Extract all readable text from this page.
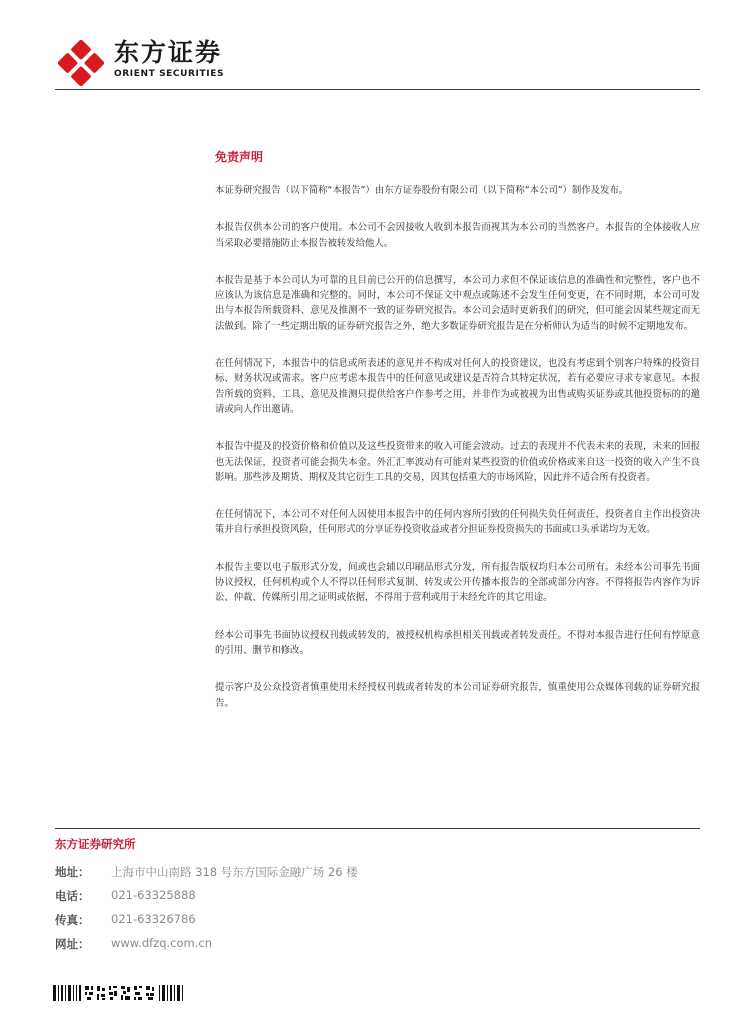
东方证券
ORIENT SECURITIES
免责声明

本证券研究报告（以下简称“本报告”）由东方证券股份有限公司（以下简称“本公司”）制作及发布。

本报告仅供本公司的客户使用。本公司不会因接收人收到本报告而视其为本公司的当然客户。本报告的全体接收人应当采取必要措施防止本报告被转发给他人。

本报告是基于本公司认为可靠的且目前已公开的信息撰写，本公司力求但不保证该信息的准确性和完整性，客户也不应该认为该信息是准确和完整的。同时，本公司不保证文中观点或陈述不会发生任何变更，在不同时期，本公司可发出与本报告所载资料、意见及推测不一致的证券研究报告。本公司会适时更新我们的研究，但可能会因某些规定而无法做到。除了一些定期出版的证券研究报告之外，绝大多数证券研究报告是在分析师认为适当的时候不定期地发布。

在任何情况下，本报告中的信息或所表述的意见并不构成对任何人的投资建议，也没有考虑到个别客户特殊的投资目标、财务状况或需求。客户应考虑本报告中的任何意见或建议是否符合其特定状况，若有必要应寻求专家意见。本报告所载的资料、工具、意见及推测只提供给客户作参考之用，并非作为或被视为出售或购买证券或其他投资标的的邀请或向人作出邀请。

本报告中提及的投资价格和价值以及这些投资带来的收入可能会波动。过去的表现并不代表未来的表现，未来的回报也无法保证，投资者可能会损失本金。外汇汇率波动有可能对某些投资的价值或价格或来自这一投资的收入产生不良影响。那些涉及期货、期权及其它衍生工具的交易，因其包括重大的市场风险，因此并不适合所有投资者。

在任何情况下，本公司不对任何人因使用本报告中的任何内容所引致的任何损失负任何责任，投资者自主作出投资决策并自行承担投资风险，任何形式的分享证券投资收益或者分担证券投资损失的书面或口头承诺均为无效。

本报告主要以电子版形式分发，间或也会辅以印刷品形式分发，所有报告版权均归本公司所有。未经本公司事先书面协议授权，任何机构或个人不得以任何形式复制、转发或公开传播本报告的全部或部分内容。不得将报告内容作为诉讼、仲裁、传媒所引用之证明或依据，不得用于营利或用于未经允许的其它用途。

经本公司事先书面协议授权刊载或转发的，被授权机构承担相关刊载或者转发责任。不得对本报告进行任何有悖原意的引用、删节和修改。

提示客户及公众投资者慎重使用未经授权刊载或者转发的本公司证券研究报告，慎重使用公众媒体刊载的证券研究报告。

东方证券研究所
地址： 上海市中山南路 318 号东方国际金融广场 26 楼
电话： 021-63325888
传真： 021-63326786
网址： www.dfzq.com.cn
